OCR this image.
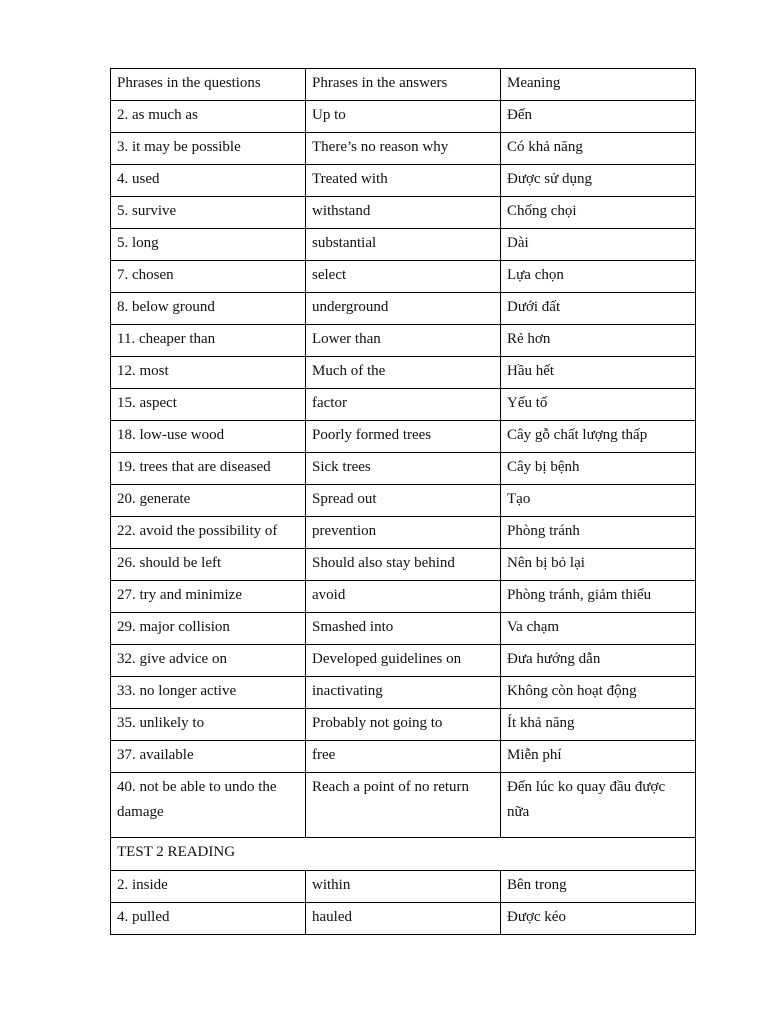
Phrases in the questions	Phrases in the answers	Meaning
2. as much as	Up to	Đến
3. it may be possible	There’s no reason why	Có khả năng
4. used	Treated with	Được sử dụng
5. survive	withstand	Chống chọi
5. long	substantial	Dài
7. chosen	select	Lựa chọn
8. below ground	underground	Dưới đất
11. cheaper than	Lower than	Rẻ hơn
12. most	Much of the	Hầu hết
15. aspect	factor	Yếu tố
18. low-use wood	Poorly formed trees	Cây gỗ chất lượng thấp
19. trees that are diseased	Sick trees	Cây bị bệnh
20. generate	Spread out	Tạo
22. avoid the possibility of	prevention	Phòng tránh
26. should be left	Should also stay behind	Nên bị bỏ lại
27. try and minimize	avoid	Phòng tránh, giảm thiểu
29. major collision	Smashed into	Va chạm
32. give advice on	Developed guidelines on	Đưa hướng dẫn
33. no longer active	inactivating	Không còn hoạt động
35. unlikely to	Probably not going to	Ít khả năng
37. available	free	Miễn phí
40. not be able to undo the damage	Reach a point of no return	Đến lúc ko quay đầu được nữa
TEST 2 READING		
2. inside	within	Bên trong
4. pulled	hauled	Được kéo
